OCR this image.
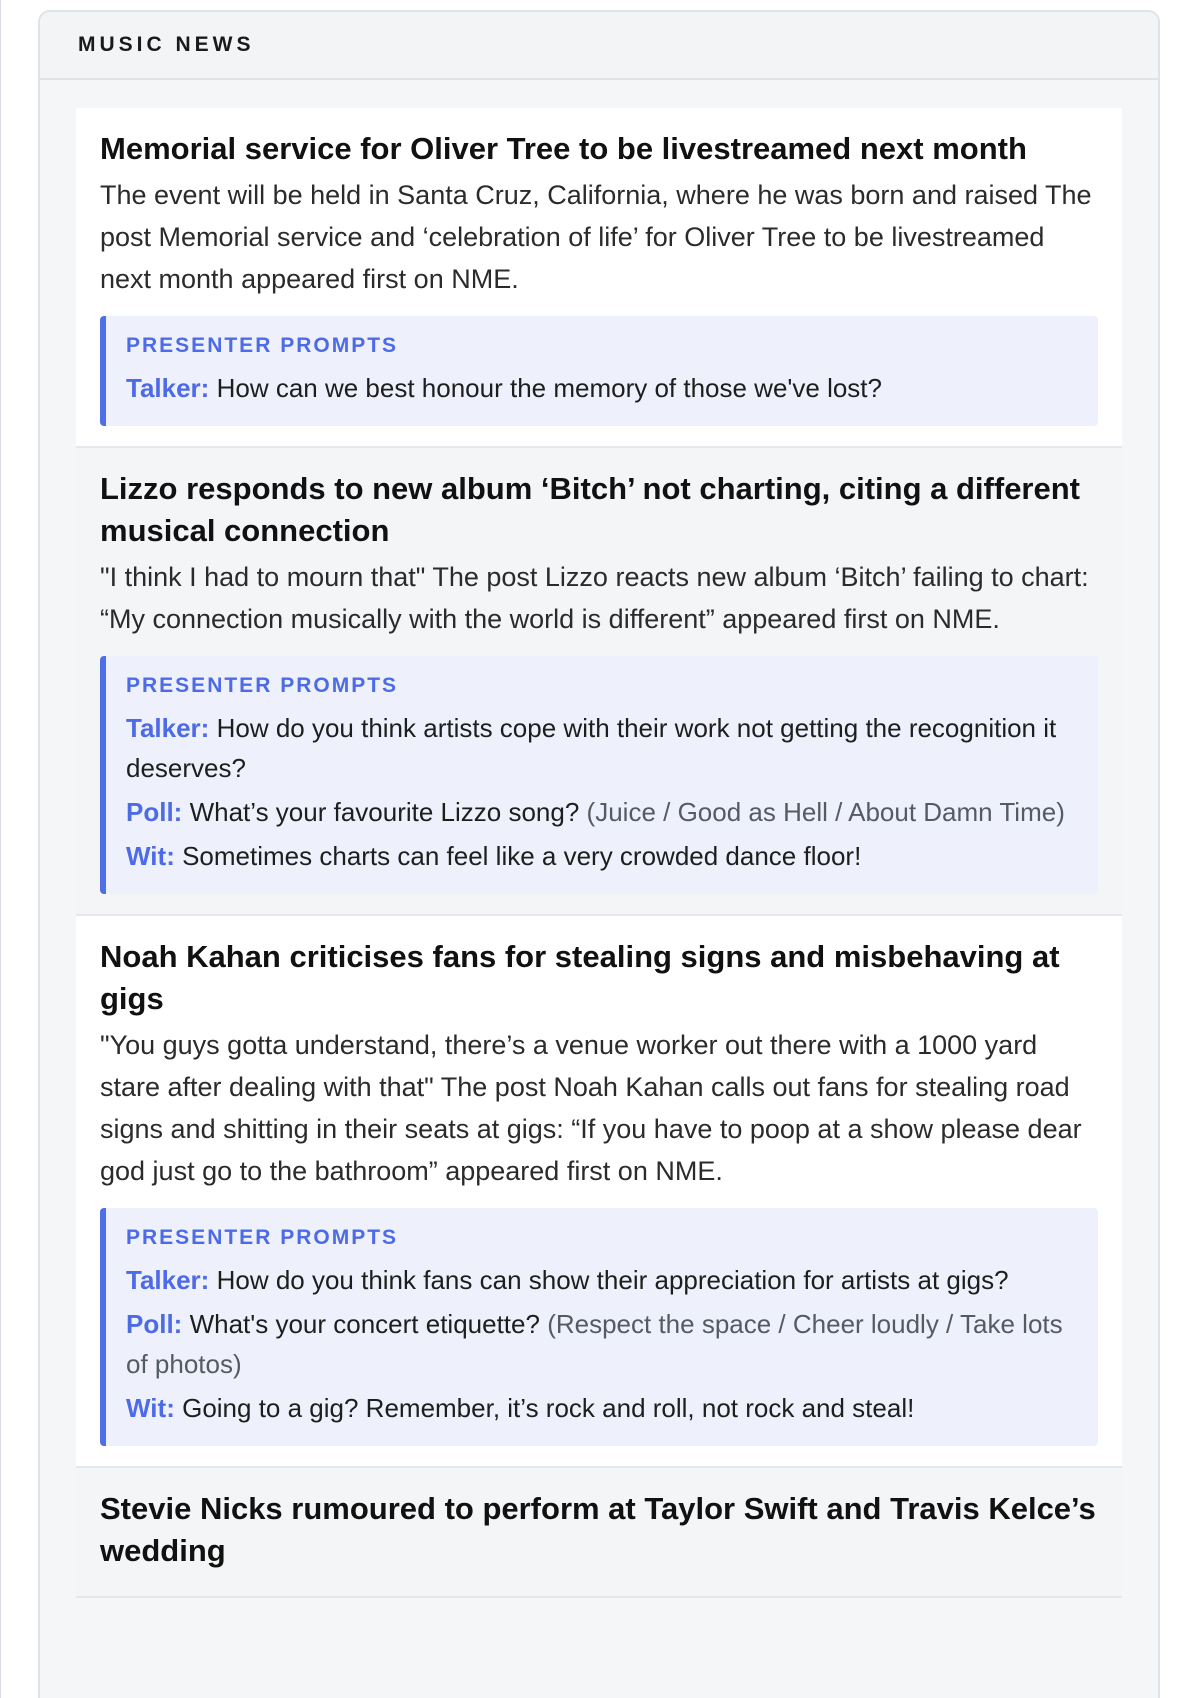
MUSIC NEWS
Memorial service for Oliver Tree to be livestreamed next month
The event will be held in Santa Cruz, California, where he was born and raised The post Memorial service and ‘celebration of life’ for Oliver Tree to be livestreamed next month appeared first on NME.
PRESENTER PROMPTS
Talker: How can we best honour the memory of those we've lost?
Lizzo responds to new album ‘Bitch’ not charting, citing a different musical connection
"I think I had to mourn that" The post Lizzo reacts new album ‘Bitch’ failing to chart: “My connection musically with the world is different” appeared first on NME.
PRESENTER PROMPTS
Talker: How do you think artists cope with their work not getting the recognition it deserves?
Poll: What’s your favourite Lizzo song? (Juice / Good as Hell / About Damn Time)
Wit: Sometimes charts can feel like a very crowded dance floor!
Noah Kahan criticises fans for stealing signs and misbehaving at gigs
"You guys gotta understand, there’s a venue worker out there with a 1000 yard stare after dealing with that" The post Noah Kahan calls out fans for stealing road signs and shitting in their seats at gigs: “If you have to poop at a show please dear god just go to the bathroom” appeared first on NME.
PRESENTER PROMPTS
Talker: How do you think fans can show their appreciation for artists at gigs?
Poll: What's your concert etiquette? (Respect the space / Cheer loudly / Take lots of photos)
Wit: Going to a gig? Remember, it’s rock and roll, not rock and steal!
Stevie Nicks rumoured to perform at Taylor Swift and Travis Kelce’s wedding
